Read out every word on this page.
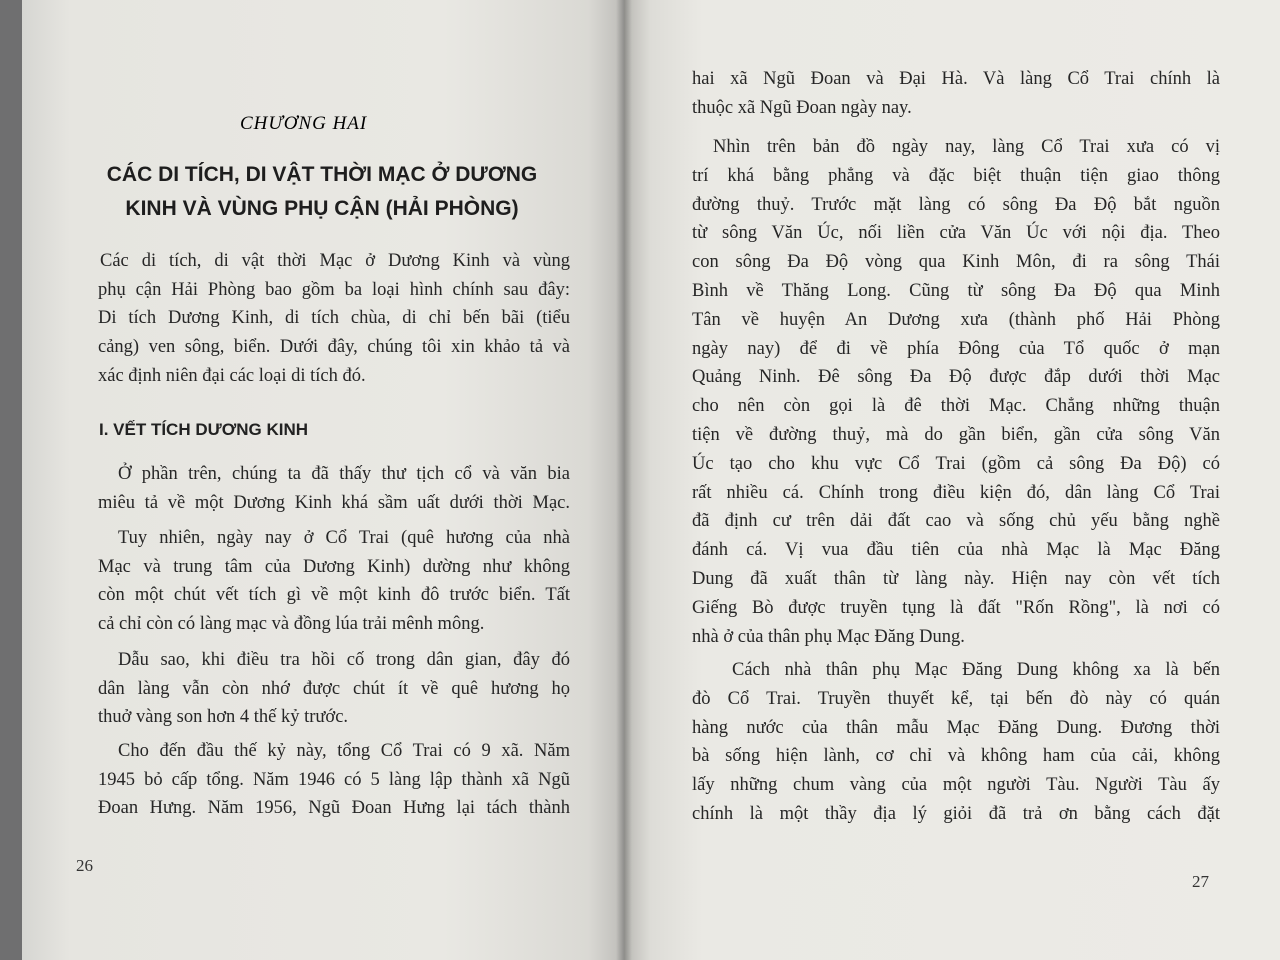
CHƯƠNG HAI
CÁC DI TÍCH, DI VẬT THỜI MẠC Ở DƯƠNG
KINH VÀ VÙNG PHỤ CẬN (HẢI PHÒNG)
Các di tích, di vật thời Mạc ở Dương Kinh và vùng
phụ cận Hải Phòng bao gồm ba loại hình chính sau đây:
Di tích Dương Kinh, di tích chùa, di chỉ bến bãi (tiểu
cảng) ven sông, biển. Dưới đây, chúng tôi xin khảo tả và
xác định niên đại các loại di tích đó.
I. VẾT TÍCH DƯƠNG KINH
Ở phần trên, chúng ta đã thấy thư tịch cổ và văn bia
miêu tả về một Dương Kinh khá sầm uất dưới thời Mạc.
Tuy nhiên, ngày nay ở Cổ Trai (quê hương của nhà
Mạc và trung tâm của Dương Kinh) dường như không
còn một chút vết tích gì về một kinh đô trước biển. Tất
cả chỉ còn có làng mạc và đồng lúa trải mênh mông.
Dẫu sao, khi điều tra hồi cố trong dân gian, đây đó
dân làng vẫn còn nhớ được chút ít về quê hương họ
thuở vàng son hơn 4 thế kỷ trước.
Cho đến đầu thế kỷ này, tổng Cổ Trai có 9 xã. Năm
1945 bỏ cấp tổng. Năm 1946 có 5 làng lập thành xã Ngũ
Đoan Hưng. Năm 1956, Ngũ Đoan Hưng lại tách thành
26
hai xã Ngũ Đoan và Đại Hà. Và làng Cổ Trai chính là
thuộc xã Ngũ Đoan ngày nay.
Nhìn trên bản đồ ngày nay, làng Cổ Trai xưa có vị
trí khá bằng phẳng và đặc biệt thuận tiện giao thông
đường thuỷ. Trước mặt làng có sông Đa Độ bắt nguồn
từ sông Văn Úc, nối liền cửa Văn Úc với nội địa. Theo
con sông Đa Độ vòng qua Kinh Môn, đi ra sông Thái
Bình về Thăng Long. Cũng từ sông Đa Độ qua Minh
Tân về huyện An Dương xưa (thành phố Hải Phòng
ngày nay) để đi về phía Đông của Tổ quốc ở mạn
Quảng Ninh. Đê sông Đa Độ được đắp dưới thời Mạc
cho nên còn gọi là đê thời Mạc. Chẳng những thuận
tiện về đường thuỷ, mà do gần biển, gần cửa sông Văn
Úc tạo cho khu vực Cổ Trai (gồm cả sông Đa Độ) có
rất nhiều cá. Chính trong điều kiện đó, dân làng Cổ Trai
đã định cư trên dải đất cao và sống chủ yếu bằng nghề
đánh cá. Vị vua đầu tiên của nhà Mạc là Mạc Đăng
Dung đã xuất thân từ làng này. Hiện nay còn vết tích
Giếng Bò được truyền tụng là đất "Rốn Rồng", là nơi có
nhà ở của thân phụ Mạc Đăng Dung.
Cách nhà thân phụ Mạc Đăng Dung không xa là bến
đò Cổ Trai. Truyền thuyết kể, tại bến đò này có quán
hàng nước của thân mẫu Mạc Đăng Dung. Đương thời
bà sống hiện lành, cơ chỉ và không ham của cải, không
lấy những chum vàng của một người Tàu. Người Tàu ấy
chính là một thầy địa lý giỏi đã trả ơn bằng cách đặt
27
